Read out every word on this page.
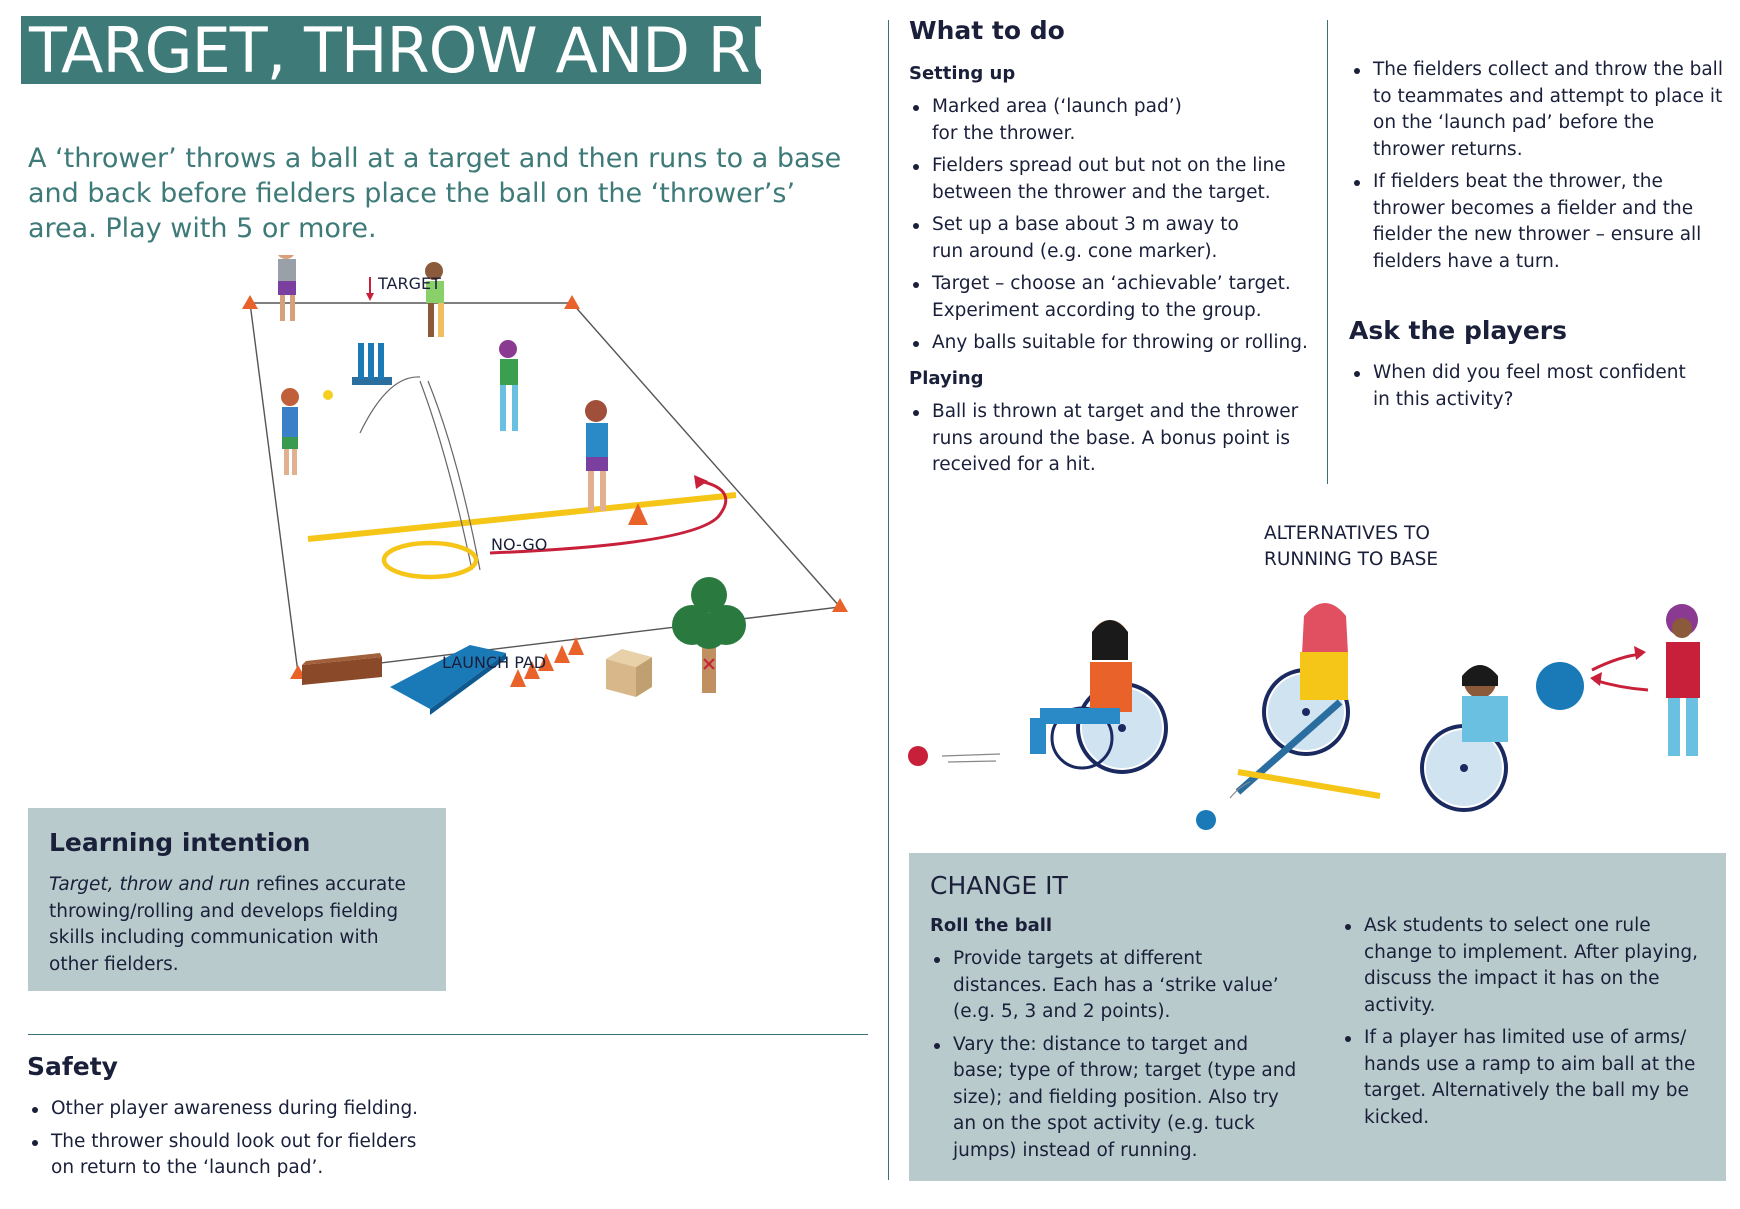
TARGET, THROW AND RUN

A ‘thrower’ throws a ball at a target and then runs to a base and back before fielders place the ball on the ‘thrower’s’ area. Play with 5 or more.

TARGET
NO-GO
LAUNCH PAD
Learning intention

Target, throw and run refines accurate throwing/rolling and develops fielding skills including communication with other fielders.

Safety
Other player awareness during fielding.
The thrower should look out for fielders on return to the ‘launch pad’.
What to do
Setting up
Marked area (‘launch pad’) for the thrower.
Fielders spread out but not on the line between the thrower and the target.
Set up a base about 3 m away to run around (e.g. cone marker).
Target – choose an ‘achievable’ target. Experiment according to the group.
Any balls suitable for throwing or rolling.
Playing
Ball is thrown at target and the thrower runs around the base. A bonus point is received for a hit.
The fielders collect and throw the ball to teammates and attempt to place it on the ‘launch pad’ before the thrower returns.
If fielders beat the thrower, the thrower becomes a fielder and the fielder the new thrower – ensure all fielders have a turn.
Ask the players
When did you feel most confident in this activity?
ALTERNATIVES TO
RUNNING TO BASE
CHANGE IT
Roll the ball
Provide targets at different distances. Each has a ‘strike value’ (e.g. 5, 3 and 2 points).
Vary the: distance to target and base; type of throw; target (type and size); and fielding position. Also try an on the spot activity (e.g. tuck jumps) instead of running.
Ask students to select one rule change to implement. After playing, discuss the impact it has on the activity.
If a player has limited use of arms/ hands use a ramp to aim ball at the target. Alternatively the ball my be kicked.
